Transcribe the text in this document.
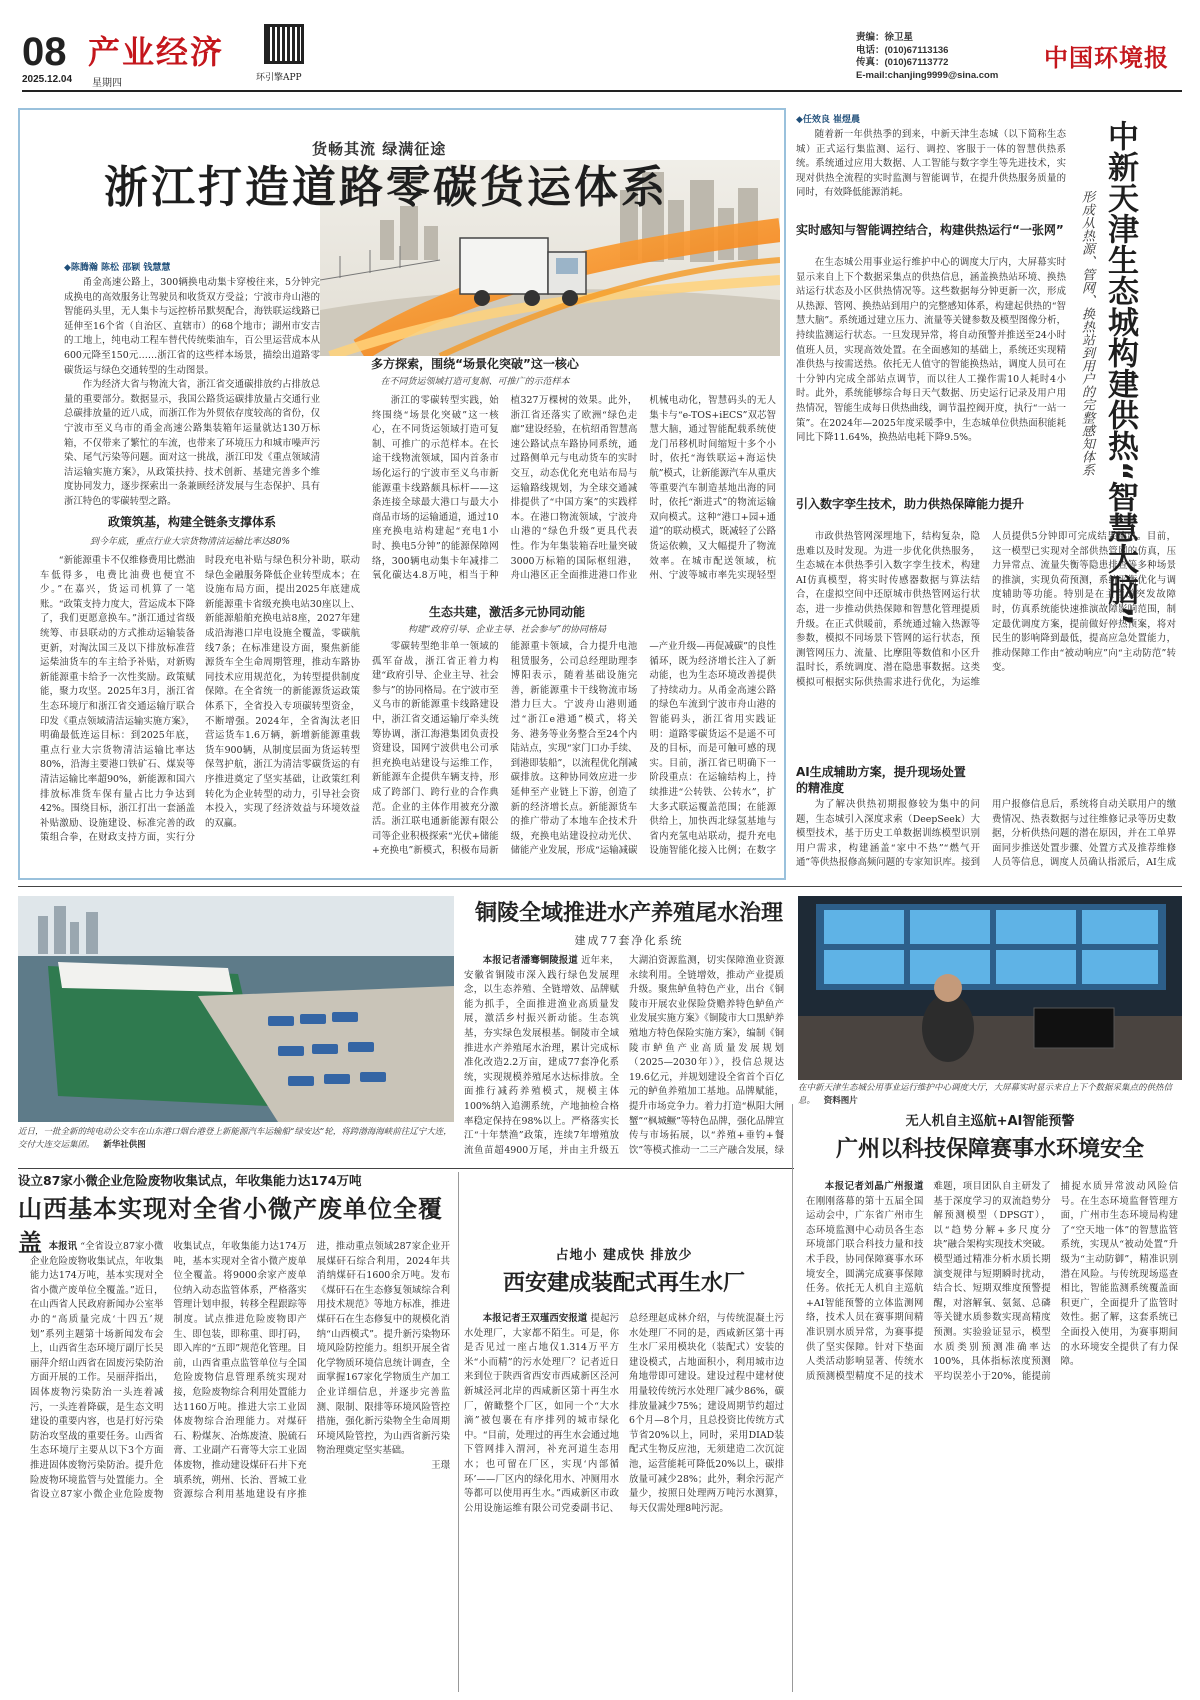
08 产业经济
2025.12.04 星期四	环引擎APP
责编：徐卫星
电话：(010)67113136
传真：(010)67113772
E-mail:chanjing9999@sina.com
中国环境报
货畅其流 绿满征途
浙江打造道路零碳货运体系
◆陈腾瀚 陈松 邵颖 钱慧慧

甬金高速公路上，300辆换电动集卡穿梭往来，5分钟完成换电的高效服务让驾驶员和收货双方受益；宁波市舟山港的智能码头里，无人集卡与远控桥吊默契配合，海铁联运线路已延伸至16个省（自治区、直辖市）的68个地市；湖州市安吉的工地上，纯电动工程车替代传统柴油车，百公里运营成本从600元降至150元……浙江省的这些样本场景，描绘出道路零碳货运与绿色交通转型的生动图景。

作为经济大省与物流大省，浙江省交通碳排放约占排放总量的重要部分。数据显示，我国公路货运碳排放量占交通行业总碳排放量的近八成，而浙江作为外贸依存度较高的省份，仅宁波市至义乌市的甬金高速公路集装箱年运量就达130万标箱，不仅带来了繁忙的车流，也带来了环境压力和城市噪声污染、尾气污染等问题。面对这一挑战，浙江印发《重点领域清洁运输实施方案》，从政策扶持、技术创新、基建完善多个维度协同发力，逐步探索出一条兼顾经济发展与生态保护、具有浙江特色的零碳转型之路。

政策筑基，构建全链条支撑体系
到今年底，重点行业大宗货物清洁运输比率达80%

“新能源重卡不仅维修费用比燃油车低得多，电费比油费也便宜不少。”在嘉兴，货运司机算了一笔账。“政策支持力度大，营运成本下降了，我们更愿意换车。”浙江通过省级统筹、市县联动的方式推动运输装备更新，对淘汰国三及以下排放标准营运柴油货车的车主给予补贴，对新购新能源重卡给予一次性奖励。政策赋能，聚力攻坚。2025年3月，浙江省生态环境厅和浙江省交通运输厅联合印发《重点领域清洁运输实施方案》，明确最低连运目标：到2025年底，重点行业大宗货物清洁运输比率达80%，沿海主要港口铁矿石、煤炭等清洁运输比率超90%，新能源和国六排放标准货车保有量占比力争达到42%。围绕目标，浙江打出一套涵盖补贴激励、设施建设、标准完善的政策组合拳，在财政支持方面，实行分时段充电补贴与绿色积分补助，联动绿色金融服务降低企业转型成本；在设施布局方面，提出2025年底建成新能源重卡省级充换电站30座以上、新能源船舶充换电站8座，2027年建成沿海港口岸电设施全覆盖，零碳航线7条；在标准建设方面，聚焦新能源货车全生命周期管理，推动车路协同技术应用规范化，为转型提供制度保障。在全省统一的新能源货运政策体系下，全省投入专项碳转型资金，不断增强。2024年，全省淘汰老旧营运货车1.6万辆，新增新能源重载货车900辆，从制度层面为货运转型保驾护航，浙江为清洁零碳货运的有序推进奠定了坚实基础，让政策红利转化为企业转型的动力，引导社会资本投入，实现了经济效益与环境效益的双赢。

多方探索，围绕“场景化突破”这一核心
在不同货运领域打造可复制、可推广的示范样本

浙江的零碳转型实践，始终围绕“场景化突破”这一核心，在不同货运领域打造可复制、可推广的示范样本。在长途干线物流领域，国内首条市场化运行的宁波市至义乌市新能源重卡线路颇具标杆——这条连接全球最大港口与最大小商品市场的运输通道，通过10座充换电站构建起“充电1小时、换电5分钟”的能源保障网络，300辆电动集卡年减排二氧化碳达4.8万吨，相当于种植327万棵树的效果。此外，浙江省还落实了欧洲“绿色走廊”建设经验，在杭绍甬智慧高速公路试点车路协同系统，通过路侧单元与电动货车的实时交互，动态优化充电站布局与运输路线规划，为全球交通减排提供了“中国方案”的实践样本。在港口物流领域，宁波舟山港的“绿色升级”更具代表性。作为年集装箱吞吐量突破3000万标箱的国际枢纽港，舟山港区正全面推进港口作业机械电动化，智慧码头的无人集卡与“e-TOS+iECS”双芯智慧大脑，通过智能配载系统使龙门吊移机时间缩短十多个小时，依托“海铁联运+海运快航”模式，让新能源汽车从重庆等重要汽车制造基地出海的同时，依托“渐进式”的物流运输双向模式。这种“港口+园+通道”的联动模式，既减轻了公路货运依赖，又大幅提升了物流效率。在城市配送领域，杭州、宁波等城市率先实现轻型

生态共建，激活多元协同动能
构建“政府引导、企业主导、社会参与”的协同格局

零碳转型绝非单一领域的孤军奋战，浙江省正着力构建“政府引导、企业主导、社会参与”的协同格局。在宁波市至义乌市的新能源重卡线路建设中，浙江省交通运输厅牵头统筹协调，浙江海港集团负责投资建设，国网宁波供电公司承担充换电站建设与运维工作，新能源车企提供车辆支持，形成了跨部门、跨行业的合作典范。企业的主体作用被充分激活。浙江联电通新能源有限公司等企业积极探索“光伏+储能+充换电”新模式，积极布局新能源重卡领域，合力提升电池租赁服务，公司总经理助理李博阳表示，随着基础设施完善，新能源重卡干线物流市场潜力巨大。宁波舟山港则通过“浙江e港通”模式，将关务、港务等业务整合至24个内陆站点，实现“家门口办手续、到港即装船”，以流程优化削减碳排放。这种协同效应进一步延伸至产业链上下游，创造了新的经济增长点。新能源货车的推广带动了本地车企技术升级，充换电站建设拉动光伏、储能产业发展，形成“运输减碳—产业升级—再促减碳”的良性循环，既为经济增长注入了新动能，也为生态环境改善提供了持续动力。从甬金高速公路的绿色车流到宁波市舟山港的智能码头，浙江省用实践证明：道路零碳货运不是遥不可及的目标，而是可触可感的现实。目前，浙江省已明确下一阶段重点：在运输结构上，持续推进“公转铁、公转水”，扩大多式联运覆盖范围；在能源供给上，加快西北绿氢基地与省内充氢电站联动，提升充电设施智能化接入比例；在数字

◆任效良 崔煜晨	中新天津生态城构建供热“智慧大脑”
形成从热源、管网、换热站到用户的完整感知体系

随着新一年供热季的到来，中新天津生态城（以下简称生态城）正式运行集监测、运行、调控、客服于一体的智慧供热系统。系统通过应用大数据、人工智能与数字孪生等先进技术，实现对供热全流程的实时监测与智能调节，在提升供热服务质量的同时，有效降低能源消耗。

实时感知与智能调控结合，构建供热运行“一张网”

在生态城公用事业运行维护中心的调度大厅内，大屏幕实时显示来自上下个数据采集点的供热信息，涵盖换热站环境、换热站运行状态及小区供热情况等。这些数据每分钟更新一次，形成从热源、管网、换热站到用户的完整感知体系，构建起供热的“智慧大脑”。系统通过建立压力、流量等关键参数及模型图像分析，持续监测运行状态。一旦发现异常，将自动预警并推送至24小时值班人员，实现高效处置。在全面感知的基础上，系统还实现精准供热与按需送热。依托无人值守的智能换热站，调度人员可在十分钟内完成全部站点调节，而以往人工操作需10人耗时4小时。此外，系统能够综合每日天气数据、历史运行记录及用户用热情况，智能生成每日供热曲线，调节温控阀开度，执行“一站一策”。在2024年—2025年度采暖季中，生态城单位供热面积能耗同比下降11.64%，换热站电耗下降9.5%。

引入数字孪生技术，助力供热保障能力提升

市政供热管网深埋地下，结构复杂，隐患难以及时发现。为进一步优化供热服务，生态城在本供热季引入数字孪生技术，构建AI仿真模型，将实时传感器数据与算法结合，在虚拟空间中还原城市供热管网运行状态，进一步推动供热保障和智慧化管理提质升级。在正式供暖前，系统通过输入热源等参数，模拟不同场景下管网的运行状态，预测管网压力、流量、比摩阻等数值和小区升温时长，系统调度、潜在隐患事数据。这类模拟可根据实际供热需求进行优化，为运维人员提供5分钟即可完成结果输出。目前，这一模型已实现对全部供热管网的仿真，压力异常点、流量失衡等隐患排查等多种场景的推演，实现负荷预测，系统平衡优化与调度辅助等功能。特别是在主管道突发故障时，仿真系统能快速推演故障影响范围，制定最优调度方案，提前做好停热预案，将对民生的影响降到最低，提高应急处置能力，推动保障工作由“被动响应”向“主动防范”转变。

AI生成辅助方案，提升现场处置的精准度

为了解决供热初期报修较为集中的问题，生态城引入深度求索（DeepSeek）大模型技术，基于历史工单数据训练模型识别用户需求，构建涵盖“家中不热”“燃气开通”等供热报修高频问题的专家知识库。接到用户报修信息后，系统将自动关联用户的缴费情况、热表数据与过往维修记录等历史数据，分析供热问题的潜在原因，并在工单界面同步推送处置步骤、处置方式及推荐维修人员等信息，调度人员确认指派后，AI生成

近日，一批全新的纯电动公交车在山东港口烟台港登上新能源汽车运输船“绿安达”轮，将跨渤海海峡前往辽宁大连，交付大连交运集团。 新华社供图
铜陵全域推进水产养殖尾水治理
建成77套净化系统

本报记者潘骞铜陵报道 近年来，安徽省铜陵市深入践行绿色发展理念，以生态养殖、全链增效、品牌赋能为抓手，全面推进渔业高质量发展，激活乡村振兴新动能。生态筑基，夯实绿色发展根基。铜陵市全域推进水产养殖尾水治理，累计完成标准化改造2.2万亩，建成77套净化系统，实现规模养殖尾水达标排放。全面推行减药养殖模式，规模主体100%纳入追溯系统，产地抽检合格率稳定保持在98%以上。严格落实长江“十年禁渔”政策，连续7年增殖放流鱼苗超4900万尾，并由主升级五大湖泊资源监测，切实保障渔业资源永续利用。全链增效，推动产业提质升级。聚焦鲈鱼特色产业，出台《铜陵市开展农业保险贷赡养特色鲈鱼产业发展实施方案》《铜陵市大口黑鲈养殖地方特色保险实施方案》，编制《铜陵市鲈鱼产业高质量发展规划（2025—2030年）》，投信总规达19.6亿元，并规划建设全省首个百亿元的鲈鱼养殖加工基地。品牌赋能，提升市场竞争力。着力打造“枞阳大闸蟹”“枫城鳜”等特色品牌，强化品牌宣传与市场拓展，以“养殖+垂钓+餐饮”等模式推动一二三产融合发展，绿

在中新天津生态城公用事业运行维护中心调度大厅，大屏幕实时显示来自上下个数据采集点的供热信息。 资料图片
设立87家小微企业危险废物收集试点，年收集能力达174万吨
山西基本实现对全省小微产废单位全覆盖 本报讯 “全省设立87家小微企业危险废物收集试点，年收集能力达174万吨，基本实现对全省小微产废单位全覆盖。”近日，在山西省人民政府新闻办公室举办的“高质量完成‘十四五’规划”系列主题第十场新闻发布会上，山西省生态环境厅副厅长吴丽萍介绍山西省在固废污染防治方面开展的工作。吴丽萍指出，固体废物污染防治一头连着减污，一头连着降碳，是生态文明建设的重要内容，也是打好污染防治攻坚战的重要任务。山西省生态环境厅主要从以下3个方面推进固体废物污染防治。提升危险废物环境监管与处置能力。全省设立87家小微企业危险废物收集试点，年收集能力达174万吨，基本实现对全省小微产废单位全覆盖。将9000余家产废单位纳入动态监管体系，严格落实管理计划申报，转移全程跟踪等制度。试点推进危险废物即产生、即包装，即称重、即打码，即入库的“五即”规范化管理。目前，山西省重点监管单位与全国危险废物信息管理系统实现对接，危险废物综合利用处置能力达1160万吨。推进大宗工业固体废物综合治理能力。对煤矸石、粉煤灰、冶炼废渣、脱硫石膏、工业副产石膏等大宗工业固体废物，推动建设煤矸石井下充填系统，朔州、长治、晋城工业资源综合利用基地建设有序推进，推动重点领域287家企业开展煤矸石综合利用，2024年共消纳煤矸石1600余万吨。发布《煤矸石在生态修复领域综合利用技术规范》等地方标准，推进煤矸石在生态修复中的规模化消纳“山西模式”。提升新污染物环境风险防控能力。组织开展全省化学物质环境信息统计调查，全面掌握167家化学物质生产加工企业详细信息，并逐步完善监测、限制、限排等环境风险管控措施，强化新污染物全生命周期环境风险管控，为山西省新污染物治理奠定坚实基础。

王璟

占地小 建成快 排放少
西安建成装配式再生水厂

本报记者王双瑾西安报道 提起污水处理厂，大家都不陌生。可是，你是否见过一座占地仅1.314万平方米“小而精”的污水处理厂？记者近日来到位于陕西省西安市西咸新区泾河新城泾河北岸的西咸新区第十再生水厂，俯瞰整个厂区，如同一个“大水滴”被包裹在有序排列的城市绿化中。“目前，处理过的再生水会通过地下管网排入渭河，补充河道生态用水；也可留在厂区，实现‘内部循环’——厂区内的绿化用水、冲厕用水等都可以使用再生水。”西咸新区市政公用设施运维有限公司党委副书记、总经理赵成林介绍，与传统混凝土污水处理厂不同的是，西咸新区第十再生水厂采用模块化（装配式）安装的建设模式，占地面积小，利用城市边角地带即可建设。建设过程中建材使用量较传统污水处理厂减少86%，碳排放量减少75%；建设周期节约超过6个月—8个月，且总投资比传统方式节省20%以上，同时，采用DIAD装配式生物反应池，无须建造二次沉淀池，运营能耗可降低20%以上，碳排放量可减少28%；此外，剩余污泥产量少，按照日处理两万吨污水测算，每天仅需处理8吨污泥。

无人机自主巡航+AI智能预警
广州以科技保障赛事水环境安全

本报记者刘晶广州报道 在刚刚落幕的第十五届全国运动会中，广东省广州市生态环境监测中心动员各生态环境部门联合科技力量和技术手段，协同保障赛事水环境安全，圆满完成赛事保障任务。依托无人机自主巡航+AI智能预警的立体监测网络，技术人员在赛事期间精准识别水质异常，为赛事提供了坚实保障。针对下垫面人类活动影响显著、传统水质预测模型精度不足的技术难题，项目团队自主研发了基于深度学习的双流趋势分解预测模型（DPSGT），以“趋势分解+多尺度分块”融合架构实现技术突破。模型通过精准分析水质长期演变规律与短期瞬时扰动，结合长、短期双维度预警提醒，对溶解氧、氨氮、总磷等关键水质参数实现高精度预测。实验验证显示，模型水质类别预测准确率达100%，具体指标浓度预测平均误差小于20%，能提前捕捉水质异常波动风险信号。在生态环境监督管理方面，广州市生态环境局构建了“空天地一体”的智慧监管系统，实现从“被动处置”升级为“主动防御”，精准识别潜在风险。与传统现场巡查相比，智能监测系统覆盖面积更广，全面提升了监管时效性。据了解，这套系统已全面投入使用，为赛事期间的水环境安全提供了有力保障。
